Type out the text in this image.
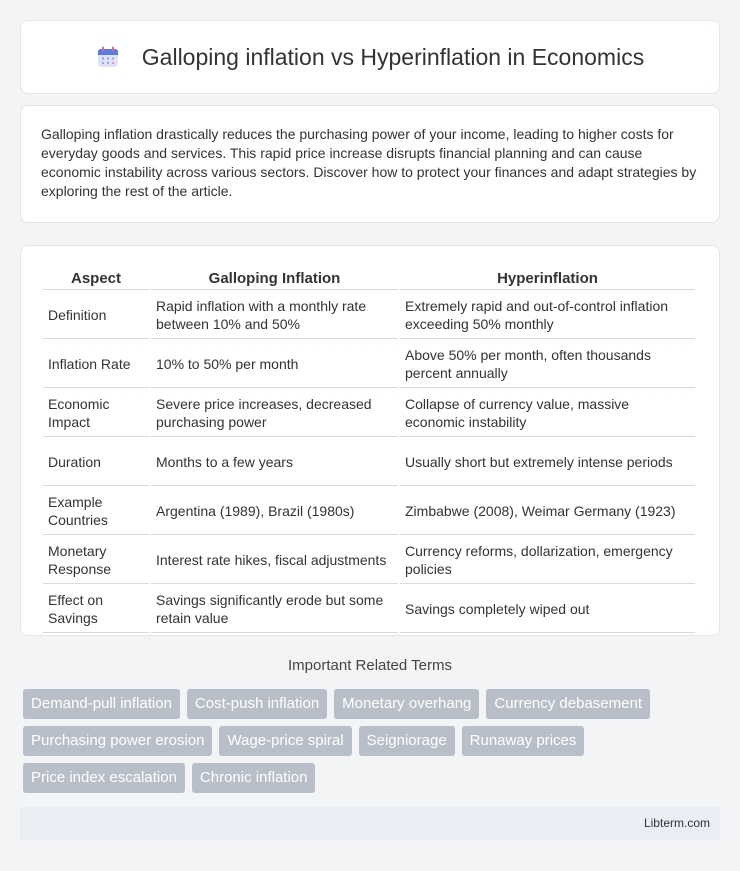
Galloping inflation vs Hyperinflation in Economics

Galloping inflation drastically reduces the purchasing power of your income, leading to higher costs for everyday goods and services. This rapid price increase disrupts financial planning and can cause economic instability across various sectors. Discover how to protect your finances and adapt strategies by exploring the rest of the article.

Aspect	Galloping Inflation	Hyperinflation
Definition	Rapid inflation with a monthly rate between 10% and 50%	Extremely rapid and out-of-control inflation exceeding 50% monthly
Inflation Rate	10% to 50% per month	Above 50% per month, often thousands percent annually
Economic Impact	Severe price increases, decreased purchasing power	Collapse of currency value, massive economic instability
Duration	Months to a few years	Usually short but extremely intense periods
Example Countries	Argentina (1989), Brazil (1980s)	Zimbabwe (2008), Weimar Germany (1923)
Monetary Response	Interest rate hikes, fiscal adjustments	Currency reforms, dollarization, emergency policies
Effect on Savings	Savings significantly erode but some retain value	Savings completely wiped out
Important Related Terms
Demand-pull inflation	Cost-push inflation	Monetary overhang	Currency debasement
Purchasing power erosion	Wage-price spiral	Seigniorage	Runaway prices
Price index escalation	Chronic inflation
Libterm.com
